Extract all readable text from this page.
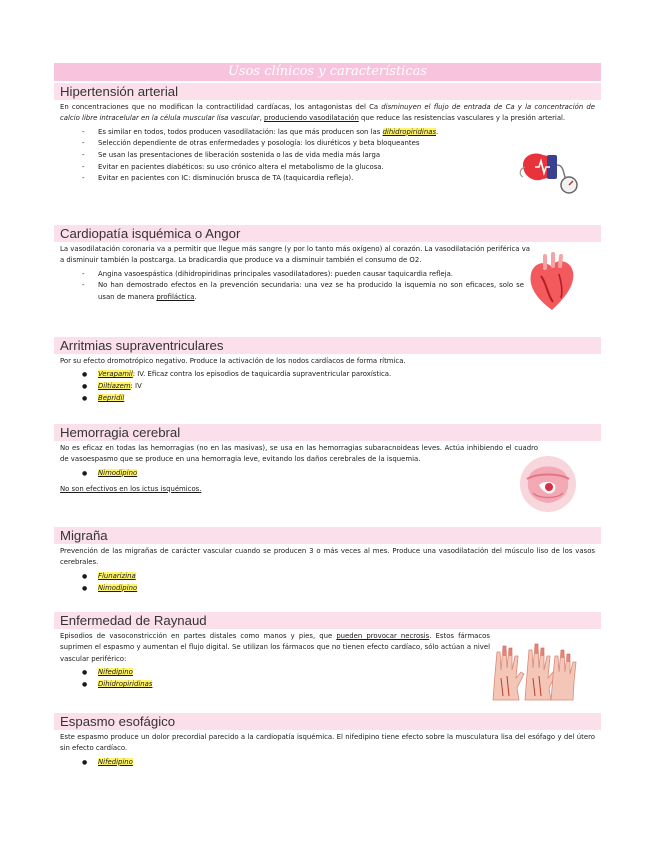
Usos clínicos y características
Hipertensión arterial
En concentraciones que no modifican la contractilidad cardíacas, los antagonistas del Ca disminuyen el flujo de entrada de Ca y la concentración de calcio libre intracelular en la célula muscular lisa vascular, produciendo vasodilatación que reduce las resistencias vasculares y la presión arterial.
- Es similar en todos, todos producen vasodilatación: las que más producen son las dihidropiridinas.
- Selección dependiente de otras enfermedades y posología: los diuréticos y beta bloqueantes
- Se usan las presentaciones de liberación sostenida o las de vida media más larga
- Evitar en pacientes diabéticos: su uso crónico altera el metabolismo de la glucosa.
- Evitar en pacientes con IC: disminución brusca de TA (taquicardia refleja).
Cardiopatía isquémica o Angor
La vasodilatación coronaria va a permitir que llegue más sangre (y por lo tanto más oxígeno) al corazón. La vasodilatación periférica va a disminuir también la postcarga. La bradicardia que produce va a disminuir también el consumo de O2.
- Angina vasoespástica (dihidropiridinas principales vasodilatadores): pueden causar taquicardia refleja.
- No han demostrado efectos en la prevención secundaria: una vez se ha producido la isquemia no son eficaces, solo se usan de manera profiláctica.
Arritmias supraventriculares
Por su efecto dromotrópico negativo. Produce la activación de los nodos cardíacos de forma rítmica.
● Verapamil: IV. Eficaz contra los episodios de taquicardia supraventricular paroxística.
● Diltiazem: IV
● Bepridil
Hemorragia cerebral
No es eficaz en todas las hemorragias (no en las masivas), se usa en las hemorragias subaracnoideas leves. Actúa inhibiendo el cuadro de vasoespasmo que se produce en una hemorragia leve, evitando los daños cerebrales de la isquemia.
● Nimodipino
No son efectivos en los ictus isquémicos.
Migraña
Prevención de las migrañas de carácter vascular cuando se producen 3 o más veces al mes. Produce una vasodilatación del músculo liso de los vasos cerebrales.
● Flunarizina
● Nimodipino
Enfermedad de Raynaud
Episodios de vasoconstricción en partes distales como manos y pies, que pueden provocar necrosis. Estos fármacos suprimen el espasmo y aumentan el flujo digital. Se utilizan los fármacos que no tienen efecto cardíaco, sólo actúan a nivel vascular periférico:
● Nifedipino
● Dihidropiridinas
Espasmo esofágico
Este espasmo produce un dolor precordial parecido a la cardiopatía isquémica. El nifedipino tiene efecto sobre la musculatura lisa del esófago y del útero sin efecto cardíaco.
● Nifedipino
